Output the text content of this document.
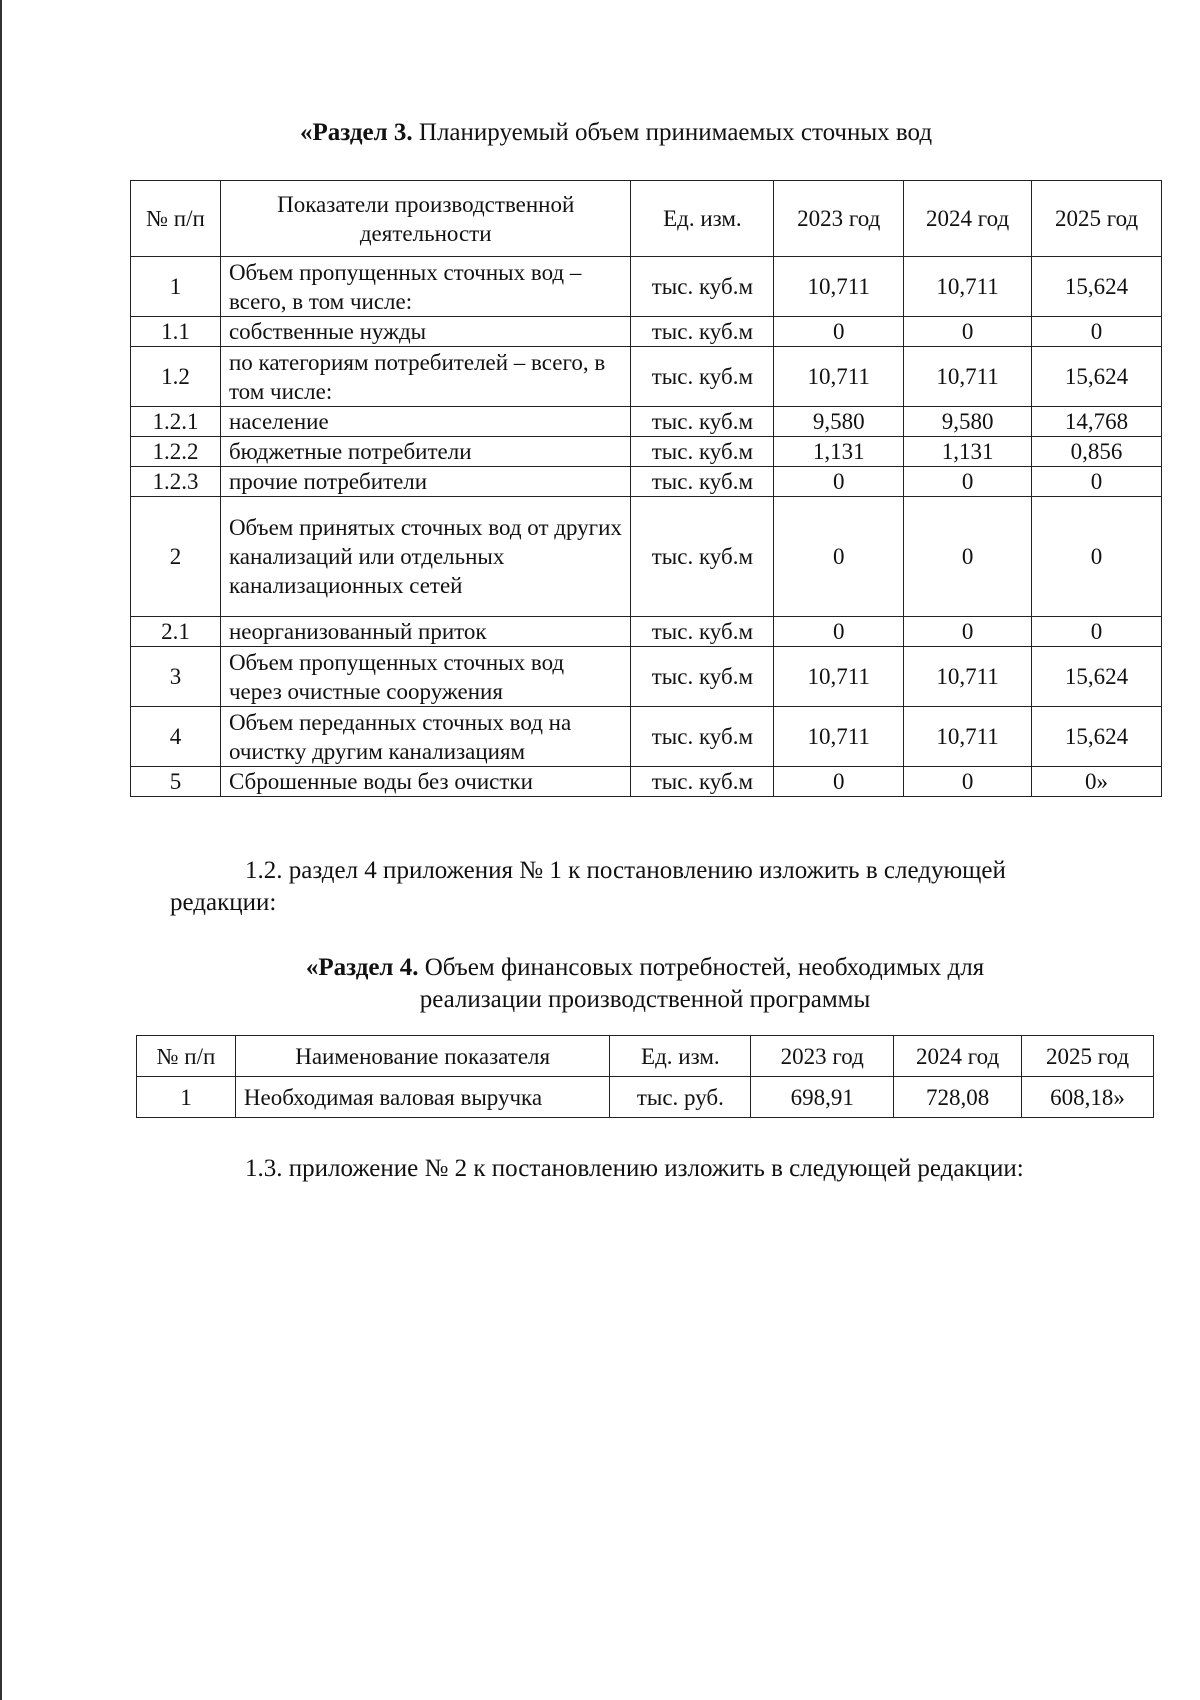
«Раздел 3. Планируемый объем принимаемых сточных вод
№ п/п	Показатели производственной деятельности	Ед. изм.	2023 год	2024 год	2025 год
1	Объем пропущенных сточных вод – всего, в том числе:	тыс. куб.м	10,711	10,711	15,624
1.1	собственные нужды	тыс. куб.м	0	0	0
1.2	по категориям потребителей – всего, в том числе:	тыс. куб.м	10,711	10,711	15,624
1.2.1	население	тыс. куб.м	9,580	9,580	14,768
1.2.2	бюджетные потребители	тыс. куб.м	1,131	1,131	0,856
1.2.3	прочие потребители	тыс. куб.м	0	0	0
2	Объем принятых сточных вод от других канализаций или отдельных канализационных сетей	тыс. куб.м	0	0	0
2.1	неорганизованный приток	тыс. куб.м	0	0	0
3	Объем пропущенных сточных вод через очистные сооружения	тыс. куб.м	10,711	10,711	15,624
4	Объем переданных сточных вод на очистку другим канализациям	тыс. куб.м	10,711	10,711	15,624
5	Сброшенные воды без очистки	тыс. куб.м	0	0	0»
1.2. раздел 4 приложения № 1 к постановлению изложить в следующей
редакции:
«Раздел 4. Объем финансовых потребностей, необходимых для
реализации производственной программы
№ п/п	Наименование показателя	Ед. изм.	2023 год	2024 год	2025 год
1	Необходимая валовая выручка	тыс. руб.	698,91	728,08	608,18»
1.3. приложение № 2 к постановлению изложить в следующей редакции:
